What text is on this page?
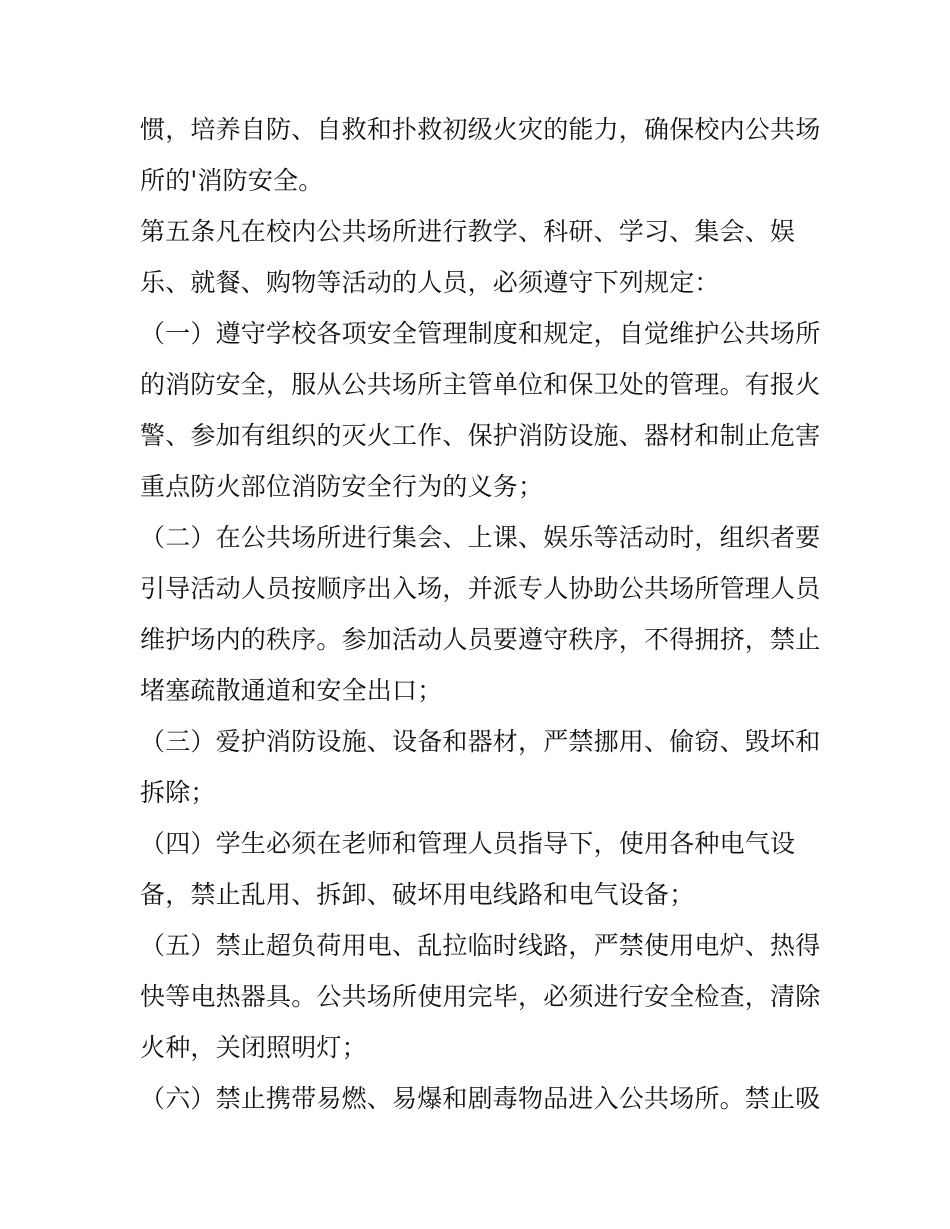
惯，培养自防、自救和扑救初级火灾的能力，确保校内公共场
所的'消防安全。
第五条凡在校内公共场所进行教学、科研、学习、集会、娱
乐、就餐、购物等活动的人员，必须遵守下列规定：
（一）遵守学校各项安全管理制度和规定，自觉维护公共场所
的消防安全，服从公共场所主管单位和保卫处的管理。有报火
警、参加有组织的灭火工作、保护消防设施、器材和制止危害
重点防火部位消防安全行为的义务；
（二）在公共场所进行集会、上课、娱乐等活动时，组织者要
引导活动人员按顺序出入场，并派专人协助公共场所管理人员
维护场内的秩序。参加活动人员要遵守秩序，不得拥挤，禁止
堵塞疏散通道和安全出口；
（三）爱护消防设施、设备和器材，严禁挪用、偷窃、毁坏和
拆除；
（四）学生必须在老师和管理人员指导下，使用各种电气设
备，禁止乱用、拆卸、破坏用电线路和电气设备；
（五）禁止超负荷用电、乱拉临时线路，严禁使用电炉、热得
快等电热器具。公共场所使用完毕，必须进行安全检查，清除
火种，关闭照明灯；
（六）禁止携带易燃、易爆和剧毒物品进入公共场所。禁止吸
